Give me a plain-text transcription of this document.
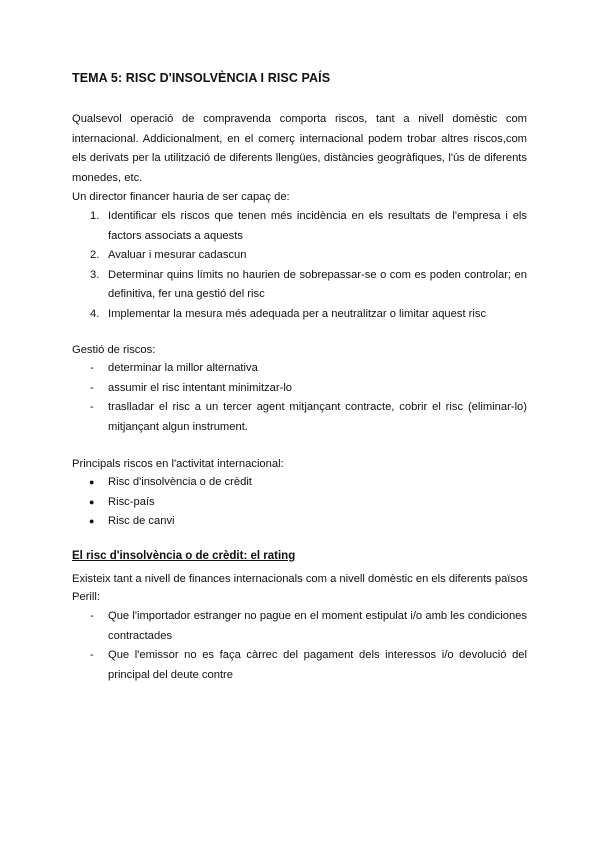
TEMA 5: RISC D'INSOLVÈNCIA I RISC PAÍS
Qualsevol operació de compravenda comporta riscos, tant a nivell domèstic com internacional. Addicionalment, en el comerç internacional podem trobar altres riscos,com els derivats per la utilització de diferents llengües, distàncies geogràfiques, l'ús de diferents monedes, etc.
Un director financer hauria de ser capaç de:
1. Identificar els riscos que tenen més incidència en els resultats de l'empresa i els factors associats a aquests
2. Avaluar i mesurar cadascun
3. Determinar quins límits no haurien de sobrepassar-se o com es poden controlar; en definitiva, fer una gestió del risc
4. Implementar la mesura més adequada per a neutralitzar o limitar aquest risc
Gestió de riscos:
-	determinar la millor alternativa
-	assumir el risc intentant minimitzar-lo
-	traslladar el risc a un tercer agent mitjançant contracte, cobrir el risc (eliminar-lo) mitjançant algun instrument.
Principals riscos en l'activitat internacional:
●	Risc d'insolvència o de crèdit
●	Risc-país
●	Risc de canvi
El risc d'insolvència o de crèdit: el rating
Existeix tant a nivell de finances internacionals com a nivell domèstic en els diferents països
Perill:
-	Que l'importador estranger no pague en el moment estipulat i/o amb les condiciones contractades
-	Que l'emissor no es faça càrrec del pagament dels interessos i/o devolució del principal del deute contre
